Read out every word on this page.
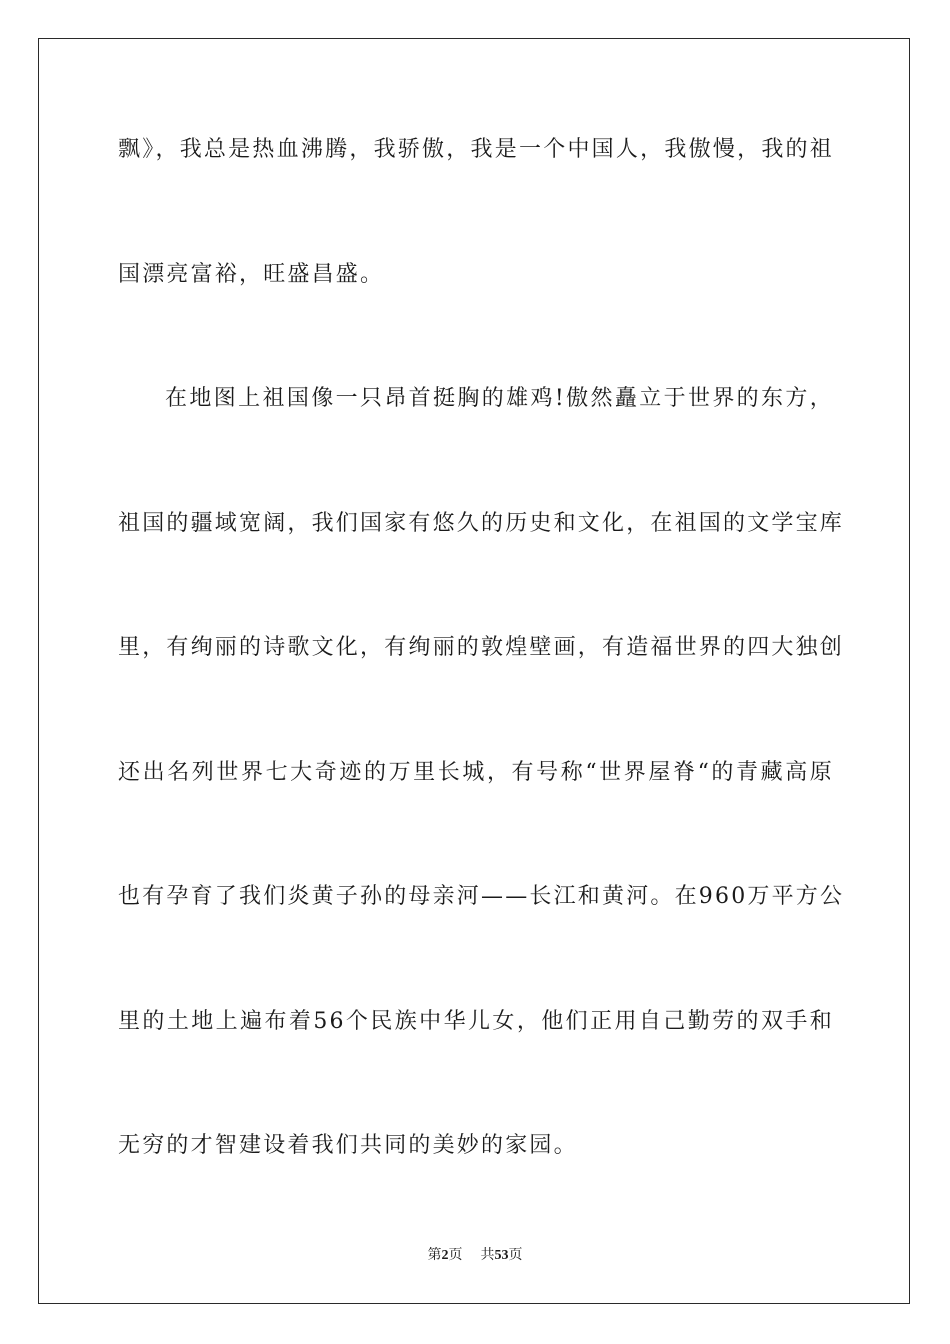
飘》，我总是热血沸腾，我骄傲，我是一个中国人，我傲慢，我的祖
国漂亮富裕，旺盛昌盛。
在地图上祖国像一只昂首挺胸的雄鸡!傲然矗立于世界的东方，
祖国的疆域宽阔，我们国家有悠久的历史和文化，在祖国的文学宝库
里，有绚丽的诗歌文化，有绚丽的敦煌壁画，有造福世界的四大独创
还出名列世界七大奇迹的万里长城，有号称“世界屋脊“的青藏高原
也有孕育了我们炎黄子孙的母亲河——长江和黄河。在960万平方公
里的土地上遍布着56个民族中华儿女，他们正用自己勤劳的双手和
无穷的才智建设着我们共同的美妙的家园。
第2页 共53页
